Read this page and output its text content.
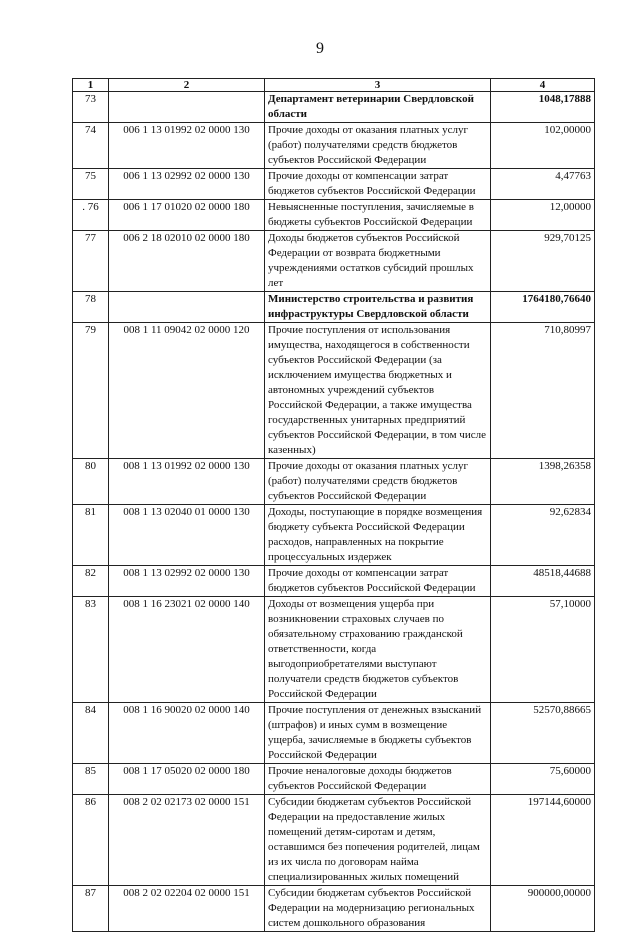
9
1	2	3	4
73		Департамент ветеринарии Свердловской области	1048,17888
74	006 1 13 01992 02 0000 130	Прочие доходы от оказания платных услуг (работ) получателями средств бюджетов субъектов Российской Федерации	102,00000
75	006 1 13 02992 02 0000 130	Прочие доходы от компенсации затрат бюджетов субъектов Российской Федерации	4,47763
. 76	006 1 17 01020 02 0000 180	Невыясненные поступления, зачисляемые в бюджеты субъектов Российской Федерации	12,00000
77	006 2 18 02010 02 0000 180	Доходы бюджетов субъектов Российской Федерации от возврата бюджетными учреждениями остатков субсидий прошлых лет	929,70125
78		Министерство строительства и развития инфраструктуры Свердловской области	1764180,76640
79	008 1 11 09042 02 0000 120	Прочие поступления от использования имущества, находящегося в собственности субъектов Российской Федерации (за исключением имущества бюджетных и автономных учреждений субъектов Российской Федерации, а также имущества государственных унитарных предприятий субъектов Российской Федерации, в том числе казенных)	710,80997
80	008 1 13 01992 02 0000 130	Прочие доходы от оказания платных услуг (работ) получателями средств бюджетов субъектов Российской Федерации	1398,26358
81	008 1 13 02040 01 0000 130	Доходы, поступающие в порядке возмещения бюджету субъекта Российской Федерации расходов, направленных на покрытие процессуальных издержек	92,62834
82	008 1 13 02992 02 0000 130	Прочие доходы от компенсации затрат бюджетов субъектов Российской Федерации	48518,44688
83	008 1 16 23021 02 0000 140	Доходы от возмещения ущерба при возникновении страховых случаев по обязательному страхованию гражданской ответственности, когда выгодоприобретателями выступают получатели средств бюджетов субъектов Российской Федерации	57,10000
84	008 1 16 90020 02 0000 140	Прочие поступления от денежных взысканий (штрафов) и иных сумм в возмещение ущерба, зачисляемые в бюджеты субъектов Российской Федерации	52570,88665
85	008 1 17 05020 02 0000 180	Прочие неналоговые доходы бюджетов субъектов Российской Федерации	75,60000
86	008 2 02 02173 02 0000 151	Субсидии бюджетам субъектов Российской Федерации на предоставление жилых помещений детям-сиротам и детям, оставшимся без попечения родителей, лицам из их числа по договорам найма специализированных жилых помещений	197144,60000
87	008 2 02 02204 02 0000 151	Субсидии бюджетам субъектов Российской Федерации на модернизацию региональных систем дошкольного образования	900000,00000
